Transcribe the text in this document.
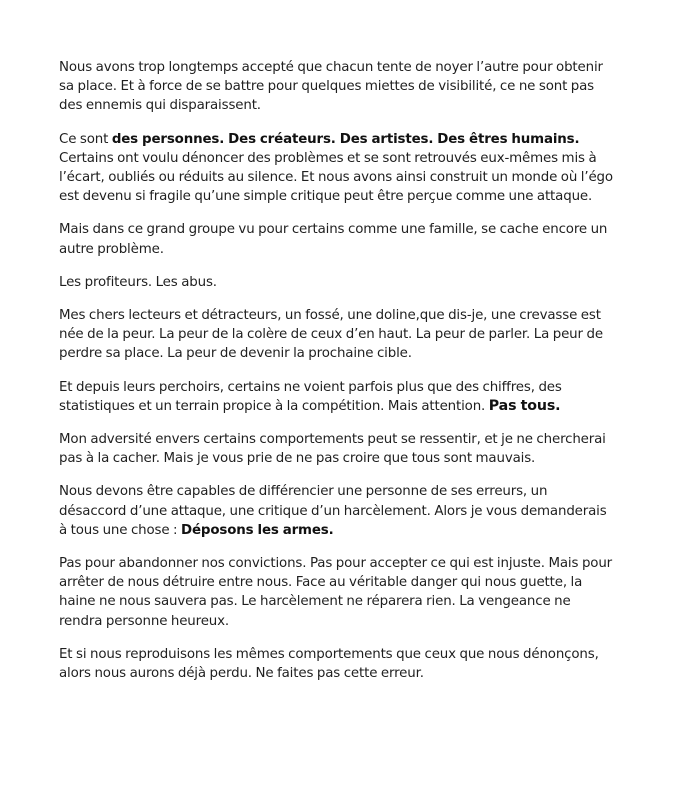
Nous avons trop longtemps accepté que chacun tente de noyer l’autre pour obtenir sa place. Et à force de se battre pour quelques miettes de visibilité, ce ne sont pas des ennemis qui disparaissent.

Ce sont des personnes. Des créateurs. Des artistes. Des êtres humains. Certains ont voulu dénoncer des problèmes et se sont retrouvés eux-mêmes mis à l’écart, oubliés ou réduits au silence. Et nous avons ainsi construit un monde où l’égo est devenu si fragile qu’une simple critique peut être perçue comme une attaque.

Mais dans ce grand groupe vu pour certains comme une famille, se cache encore un autre problème.

Les profiteurs. Les abus.

Mes chers lecteurs et détracteurs, un fossé, une doline,que dis-je, une crevasse est née de la peur. La peur de la colère de ceux d’en haut. La peur de parler. La peur de perdre sa place. La peur de devenir la prochaine cible.

Et depuis leurs perchoirs, certains ne voient parfois plus que des chiffres, des statistiques et un terrain propice à la compétition. Mais attention. Pas tous.

Mon adversité envers certains comportements peut se ressentir, et je ne chercherai pas à la cacher. Mais je vous prie de ne pas croire que tous sont mauvais.

Nous devons être capables de différencier une personne de ses erreurs, un désaccord d’une attaque, une critique d’un harcèlement. Alors je vous demanderais à tous une chose : Déposons les armes.

Pas pour abandonner nos convictions. Pas pour accepter ce qui est injuste. Mais pour arrêter de nous détruire entre nous. Face au véritable danger qui nous guette, la haine ne nous sauvera pas. Le harcèlement ne réparera rien. La vengeance ne rendra personne heureux.

Et si nous reproduisons les mêmes comportements que ceux que nous dénonçons, alors nous aurons déjà perdu. Ne faites pas cette erreur.
